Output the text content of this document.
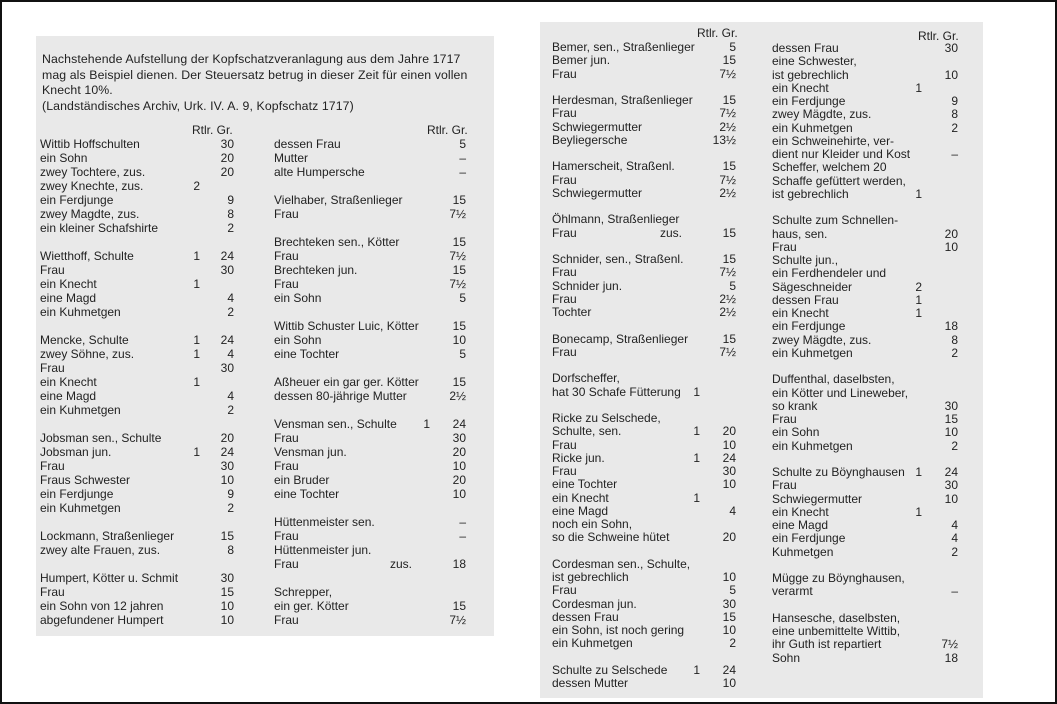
Nachstehende Aufstellung der Kopfschatzveranlagung aus dem Jahre 1717
mag als Beispiel dienen. Der Steuersatz betrug in dieser Zeit für einen vollen
Knecht 10%.
(Landständisches Archiv, Urk. IV. A. 9, Kopfschatz 1717)
Rtlr. Gr.	Rtlr. Gr.
Rtlr. Gr.	Rtlr. Gr.
Wittib Hoffschulten	30
ein Sohn	20
zwey Tochtere, zus.	20
zwey Knechte, zus.	2
ein Ferdjunge	9
zwey Magdte, zus.	8
ein kleiner Schafshirte	2
Wietthoff, Schulte	1	24
Frau	30
ein Knecht	1
eine Magd	4
ein Kuhmetgen	2
Mencke, Schulte	1	24
zwey Söhne, zus.	1	4
Frau	30
ein Knecht	1
eine Magd	4
ein Kuhmetgen	2
Jobsman sen., Schulte	20
Jobsman jun.	1	24
Frau	30
Fraus Schwester	10
ein Ferdjunge	9
ein Kuhmetgen	2
Lockmann, Straßenlieger	15
zwey alte Frauen, zus.	8
Humpert, Kötter u. Schmit	30
Frau	15
ein Sohn von 12 jahren	10
abgefundener Humpert	10
dessen Frau	5
Mutter	–
alte Humpersche	–
Vielhaber, Straßenlieger	15
Frau	7½
Brechteken sen., Kötter	15
Frau	7½
Brechteken jun.	15
Frau	7½
ein Sohn	5
Wittib Schuster Luic, Kötter	15
ein Sohn	10
eine Tochter	5
Aßheuer ein gar ger. Kötter	15
dessen 80-jährige Mutter	2½
Vensman sen., Schulte	1	24
Frau	30
Vensman jun.	20
Frau	10
ein Bruder	20
eine Tochter	10
Hüttenmeister sen.	–
Frau	–
Hüttenmeister jun.
Frau	zus.	18
Schrepper,
ein ger. Kötter	15
Frau	7½
Bemer, sen., Straßenlieger	5
Bemer jun.	15
Frau	7½
Herdesman, Straßenlieger	15
Frau	7½
Schwiegermutter	2½
Beyliegersche	13½
Hamerscheit, Straßenl.	15
Frau	7½
Schwiegermutter	2½
Öhlmann, Straßenlieger
Frau	zus.	15
Schnider, sen., Straßenl.	15
Frau	7½
Schnider jun.	5
Frau	2½
Tochter	2½
Bonecamp, Straßenlieger	15
Frau	7½
Dorfscheffer,
hat 30 Schafe Fütterung	1
Ricke zu Selschede,
Schulte, sen.	1	20
Frau	10
Ricke jun.	1	24
Frau	30
eine Tochter	10
ein Knecht	1
eine Magd	4
noch ein Sohn,
so die Schweine hütet	20
Cordesman sen., Schulte,
ist gebrechlich	10
Frau	5
Cordesman jun.	30
dessen Frau	15
ein Sohn, ist noch gering	10
ein Kuhmetgen	2
Schulte zu Selschede	1	24
dessen Mutter	10
dessen Frau	30
eine Schwester,
ist gebrechlich	10
ein Knecht	1
ein Ferdjunge	9
zwey Mägdte, zus.	8
ein Kuhmetgen	2
ein Schweinehirte, ver-
dient nur Kleider und Kost	–
Scheffer, welchem 20
Schaffe gefüttert werden,
ist gebrechlich	1
Schulte zum Schnellen-
haus, sen.	20
Frau	10
Schulte jun.,
ein Ferdhendeler und
Sägeschneider	2
dessen Frau	1
ein Knecht	1
ein Ferdjunge	18
zwey Mägdte, zus.	8
ein Kuhmetgen	2
Duffenthal, daselbsten,
ein Kötter und Lineweber,
so krank	30
Frau	15
ein Sohn	10
ein Kuhmetgen	2
Schulte zu Böynghausen 1	24
Frau	30
Schwiegermutter	10
ein Knecht	1
eine Magd	4
ein Ferdjunge	4
Kuhmetgen	2
Mügge zu Böynghausen,
verarmt	–
Hansesche, daselbsten,
eine unbemittelte Wittib,
ihr Guth ist repartiert	7½
Sohn	18
